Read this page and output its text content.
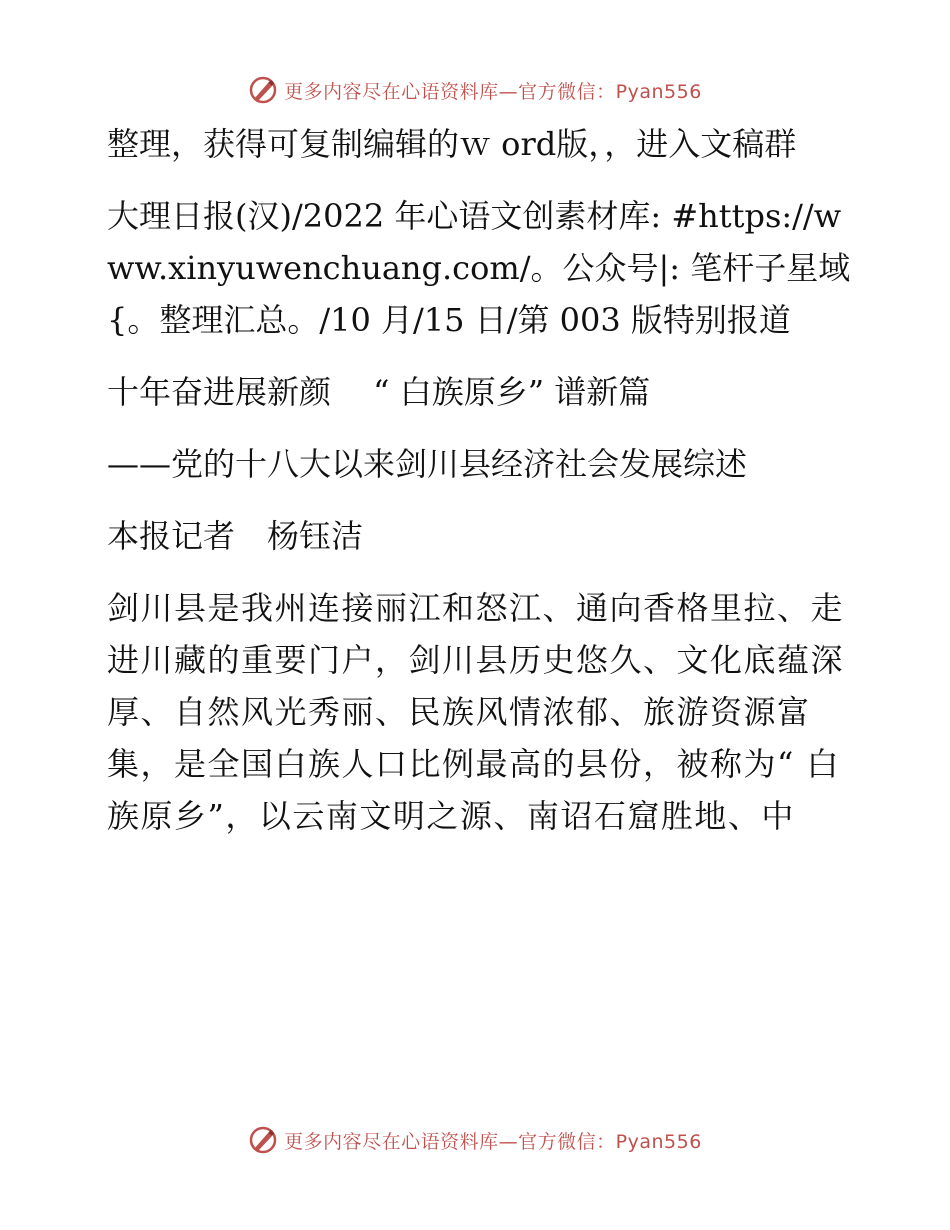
更多内容尽在心语资料库—官方微信：Pyan556

整理，获得可复制编辑的ｗ ord版，，进入文稿群

大理日报(汉)/2022 年心语文创素材库: #https://www.xinyuwenchuang.com/。公众号|: 笔杆子星域{。整理汇总。/10 月/15 日/第 003 版特别报道

十年奋进展新颜　 “ 白族原乡” 谱新篇

——党的十八大以来剑川县经济社会发展综述

本报记者　杨钰洁

剑川县是我州连接丽江和怒江、通向香格里拉、走进川藏的重要门户，剑川县历史悠久、文化底蕴深厚、自然风光秀丽、民族风情浓郁、旅游资源富集，是全国白族人口比例最高的县份，被称为“ 白族原乡”，以云南文明之源、南诏石窟胜地、中

更多内容尽在心语资料库—官方微信：Pyan556
